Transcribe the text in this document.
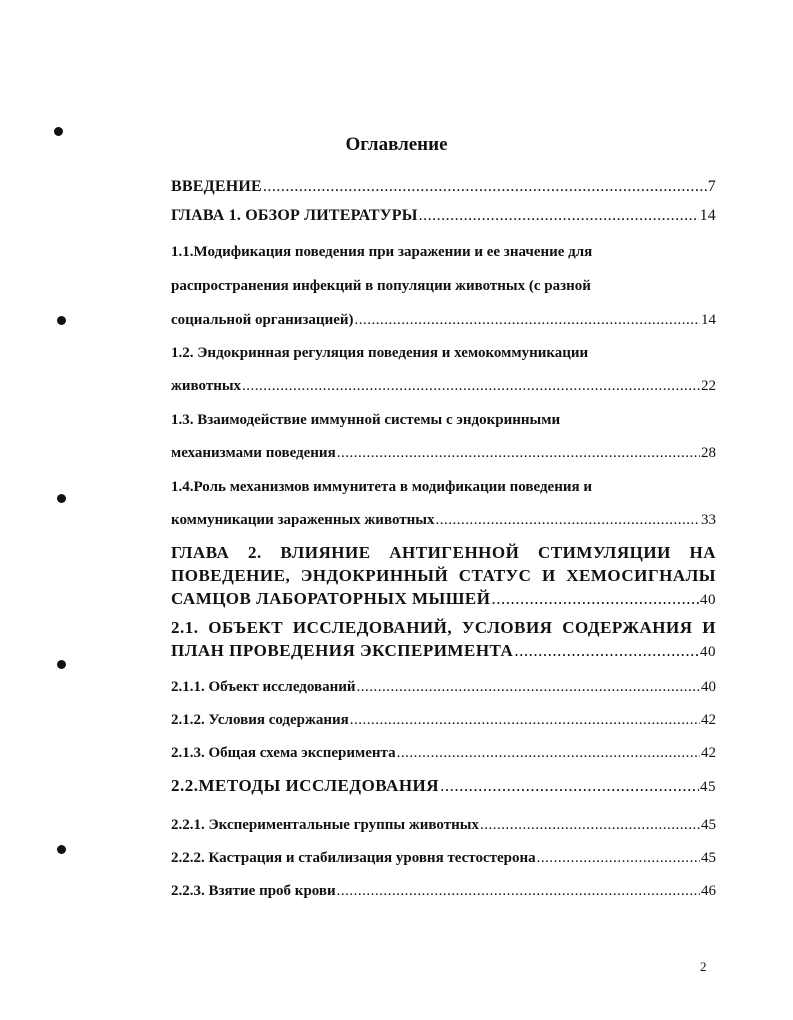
Оглавление
ВВЕДЕНИЕ .....	7
ГЛАВА 1. ОБЗОР ЛИТЕРАТУРЫ .....	14
1.1.Модификация поведения при заражении и ее значение для
распространения инфекций в популяции животных (с разной
социальной организацией) .....	14
1.2. Эндокринная регуляция поведения и хемокоммуникации
животных .....	22
1.3. Взаимодействие иммунной системы с эндокринными
механизмами поведения .....	28
1.4.Роль механизмов иммунитета в модификации поведения и
коммуникации зараженных животных .....	33
ГЛАВА 2. ВЛИЯНИЕ АНТИГЕННОЙ СТИМУЛЯЦИИ НА
ПОВЕДЕНИЕ, ЭНДОКРИННЫЙ СТАТУС И ХЕМОСИГНАЛЫ
САМЦОВ ЛАБОРАТОРНЫХ МЫШЕЙ .....	40
2.1. ОБЪЕКТ ИССЛЕДОВАНИЙ, УСЛОВИЯ СОДЕРЖАНИЯ И
ПЛАН ПРОВЕДЕНИЯ ЭКСПЕРИМЕНТА .....	40
2.1.1. Объект исследований .....	40
2.1.2. Условия содержания .....	42
2.1.3. Общая схема эксперимента .....	42
2.2.МЕТОДЫ ИССЛЕДОВАНИЯ .....	45
2.2.1. Экспериментальные группы животных .....	45
2.2.2. Кастрация и стабилизация уровня тестостерона .....	45
2.2.3. Взятие проб крови .....	46
2
